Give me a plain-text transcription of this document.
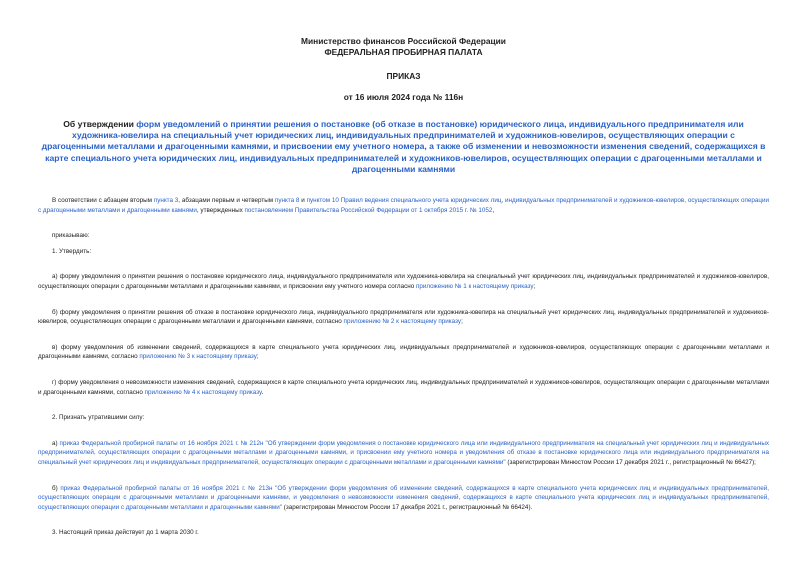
Министерство финансов Российской Федерации
ФЕДЕРАЛЬНАЯ ПРОБИРНАЯ ПАЛАТА
ПРИКАЗ
от 16 июля 2024 года № 116н
Об утверждении форм уведомлений о принятии решения о постановке (об отказе в постановке) юридического лица, индивидуального предпринимателя или художника-ювелира на специальный учет юридических лиц, индивидуальных предпринимателей и художников-ювелиров, осуществляющих операции с драгоценными металлами и драгоценными камнями, и присвоении ему учетного номера, а также об изменении и невозможности изменения сведений, содержащихся в карте специального учета юридических лиц, индивидуальных предпринимателей и художников-ювелиров, осуществляющих операции с драгоценными металлами и драгоценными камнями

В соответствии с абзацем вторым пункта 3, абзацами первым и четвертым пункта 8 и пунктом 10 Правил ведения специального учета юридических лиц, индивидуальных предпринимателей и художников-ювелиров, осуществляющих операции с драгоценными металлами и драгоценными камнями, утвержденных постановлением Правительства Российской Федерации от 1 октября 2015 г. № 1052,

приказываю:

1. Утвердить:

а) форму уведомления о принятии решения о постановке юридического лица, индивидуального предпринимателя или художника-ювелира на специальный учет юридических лиц, индивидуальных предпринимателей и художников-ювелиров, осуществляющих операции с драгоценными металлами и драгоценными камнями, и присвоении ему учетного номера согласно приложению № 1 к настоящему приказу;

б) форму уведомления о принятии решения об отказе в постановке юридического лица, индивидуального предпринимателя или художника-ювелира на специальный учет юридических лиц, индивидуальных предпринимателей и художников-ювелиров, осуществляющих операции с драгоценными металлами и драгоценными камнями, согласно приложению № 2 к настоящему приказу;

в) форму уведомления об изменении сведений, содержащихся в карте специального учета юридических лиц, индивидуальных предпринимателей и художников-ювелиров, осуществляющих операции с драгоценными металлами и драгоценными камнями, согласно приложению № 3 к настоящему приказу;

г) форму уведомления о невозможности изменения сведений, содержащихся в карте специального учета юридических лиц, индивидуальных предпринимателей и художников-ювелиров, осуществляющих операции с драгоценными металлами и драгоценными камнями, согласно приложению № 4 к настоящему приказу.

2. Признать утратившими силу:

а) приказ Федеральной пробирной палаты от 16 ноября 2021 г. № 212н "Об утверждении форм уведомления о постановке юридического лица или индивидуального предпринимателя на специальный учет юридических лиц и индивидуальных предпринимателей, осуществляющих операции с драгоценными металлами и драгоценными камнями, и присвоении ему учетного номера и уведомления об отказе в постановке юридического лица или индивидуального предпринимателя на специальный учет юридических лиц и индивидуальных предпринимателей, осуществляющих операции с драгоценными металлами и драгоценными камнями" (зарегистрирован Минюстом России 17 декабря 2021 г., регистрационный № 66427);

б) приказ Федеральной пробирной палаты от 16 ноября 2021 г. № 213н "Об утверждении форм уведомления об изменении сведений, содержащихся в карте специального учета юридических лиц и индивидуальных предпринимателей, осуществляющих операции с драгоценными металлами и драгоценными камнями, и уведомления о невозможности изменения сведений, содержащихся в карте специального учета юридических лиц и индивидуальных предпринимателей, осуществляющих операции с драгоценными металлами и драгоценными камнями" (зарегистрирован Минюстом России 17 декабря 2021 г., регистрационный № 66424).

3. Настоящий приказ действует до 1 марта 2030 г.
